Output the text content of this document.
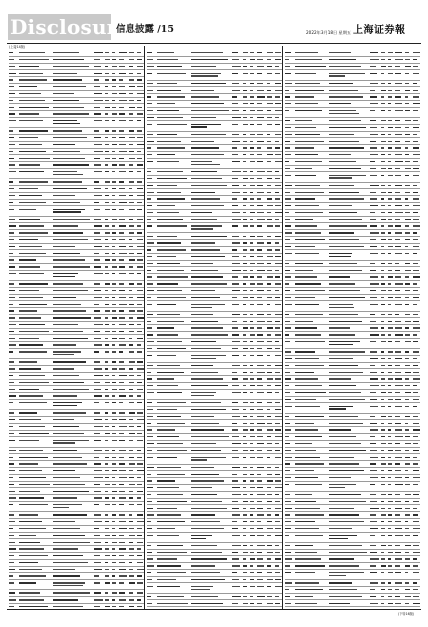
Disclosure
信息披露 /15	2022年3月18日 星期五 上海证券報
(上接14版)
(下转16版)
